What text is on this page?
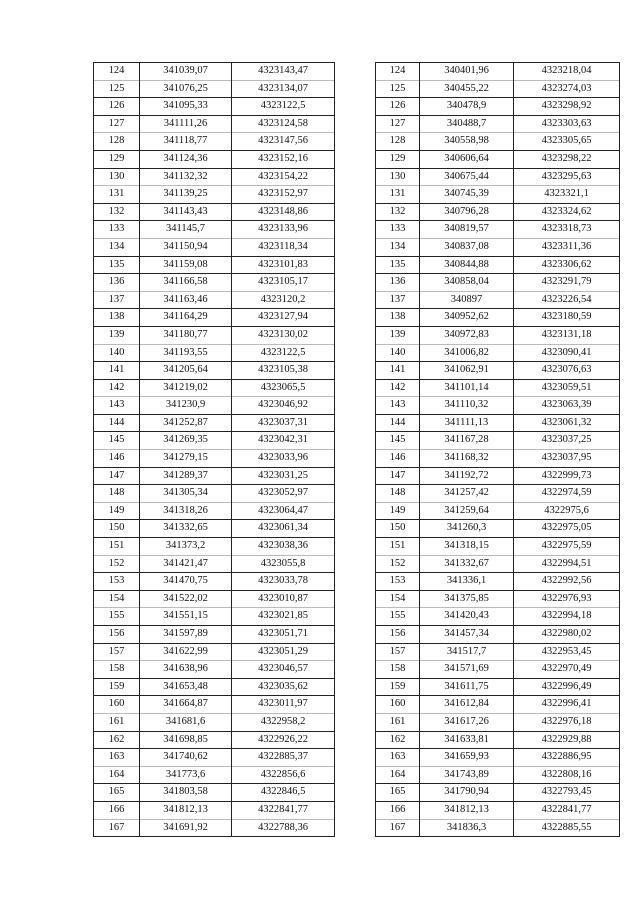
124	341039,07	4323143,47
125	341076,25	4323134,07
126	341095,33	4323122,5
127	341111,26	4323124,58
128	341118,77	4323147,56
129	341124,36	4323152,16
130	341132,32	4323154,22
131	341139,25	4323152,97
132	341143,43	4323148,86
133	341145,7	4323133,96
134	341150,94	4323118,34
135	341159,08	4323101,83
136	341166,58	4323105,17
137	341163,46	4323120,2
138	341164,29	4323127,94
139	341180,77	4323130,02
140	341193,55	4323122,5
141	341205,64	4323105,38
142	341219,02	4323065,5
143	341230,9	4323046,92
144	341252,87	4323037,31
145	341269,35	4323042,31
146	341279,15	4323033,96
147	341289,37	4323031,25
148	341305,34	4323052,97
149	341318,26	4323064,47
150	341332,65	4323061,34
151	341373,2	4323038,36
152	341421,47	4323055,8
153	341470,75	4323033,78
154	341522,02	4323010,87
155	341551,15	4323021,85
156	341597,89	4323051,71
157	341622,99	4323051,29
158	341638,96	4323046,57
159	341653,48	4323035,62
160	341664,87	4323011,97
161	341681,6	4322958,2
162	341698,85	4322926,22
163	341740,62	4322885,37
164	341773,6	4322856,6
165	341803,58	4322846,5
166	341812,13	4322841,77
167	341691,92	4322788,36
124	340401,96	4323218,04
125	340455,22	4323274,03
126	340478,9	4323298,92
127	340488,7	4323303,63
128	340558,98	4323305,65
129	340606,64	4323298,22
130	340675,44	4323295,63
131	340745,39	4323321,1
132	340796,28	4323324,62
133	340819,57	4323318,73
134	340837,08	4323311,36
135	340844,88	4323306,62
136	340858,04	4323291,79
137	340897	4323226,54
138	340952,62	4323180,59
139	340972,83	4323131,18
140	341006,82	4323090,41
141	341062,91	4323076,63
142	341101,14	4323059,51
143	341110,32	4323063,39
144	341111,13	4323061,32
145	341167,28	4323037,25
146	341168,32	4323037,95
147	341192,72	4322999,73
148	341257,42	4322974,59
149	341259,64	4322975,6
150	341260,3	4322975,05
151	341318,15	4322975,59
152	341332,67	4322994,51
153	341336,1	4322992,56
154	341375,85	4322976,93
155	341420,43	4322994,18
156	341457,34	4322980,02
157	341517,7	4322953,45
158	341571,69	4322970,49
159	341611,75	4322996,49
160	341612,84	4322996,41
161	341617,26	4322976,18
162	341633,81	4322929,88
163	341659,93	4322886,95
164	341743,89	4322808,16
165	341790,94	4322793,45
166	341812,13	4322841,77
167	341836,3	4322885,55
